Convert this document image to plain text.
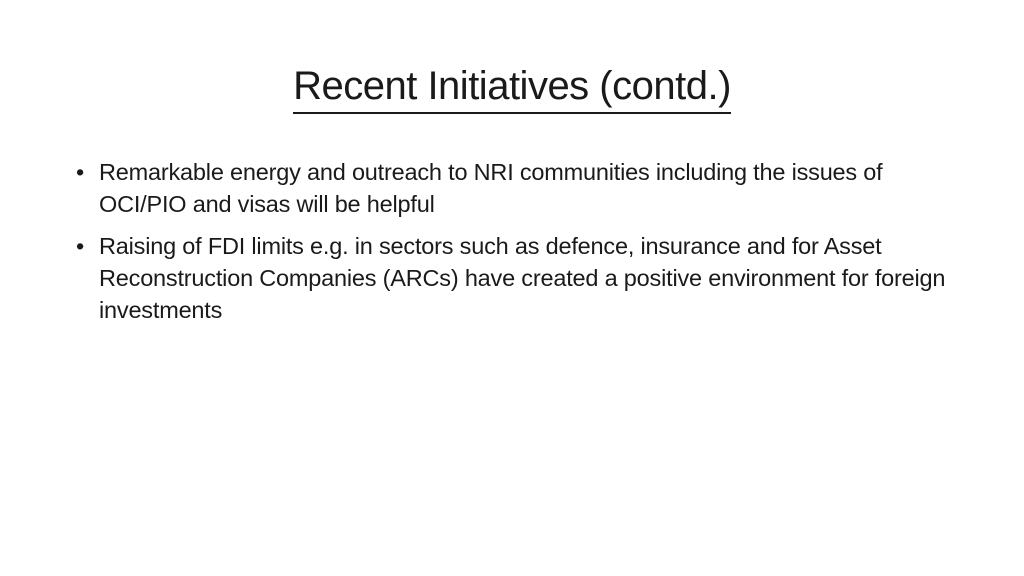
Recent Initiatives (contd.)
• Remarkable energy and outreach to NRI communities including the issues of OCI/PIO and visas will be helpful
• Raising of FDI limits e.g. in sectors such as defence, insurance and for Asset Reconstruction Companies (ARCs) have created a positive environment for foreign investments
